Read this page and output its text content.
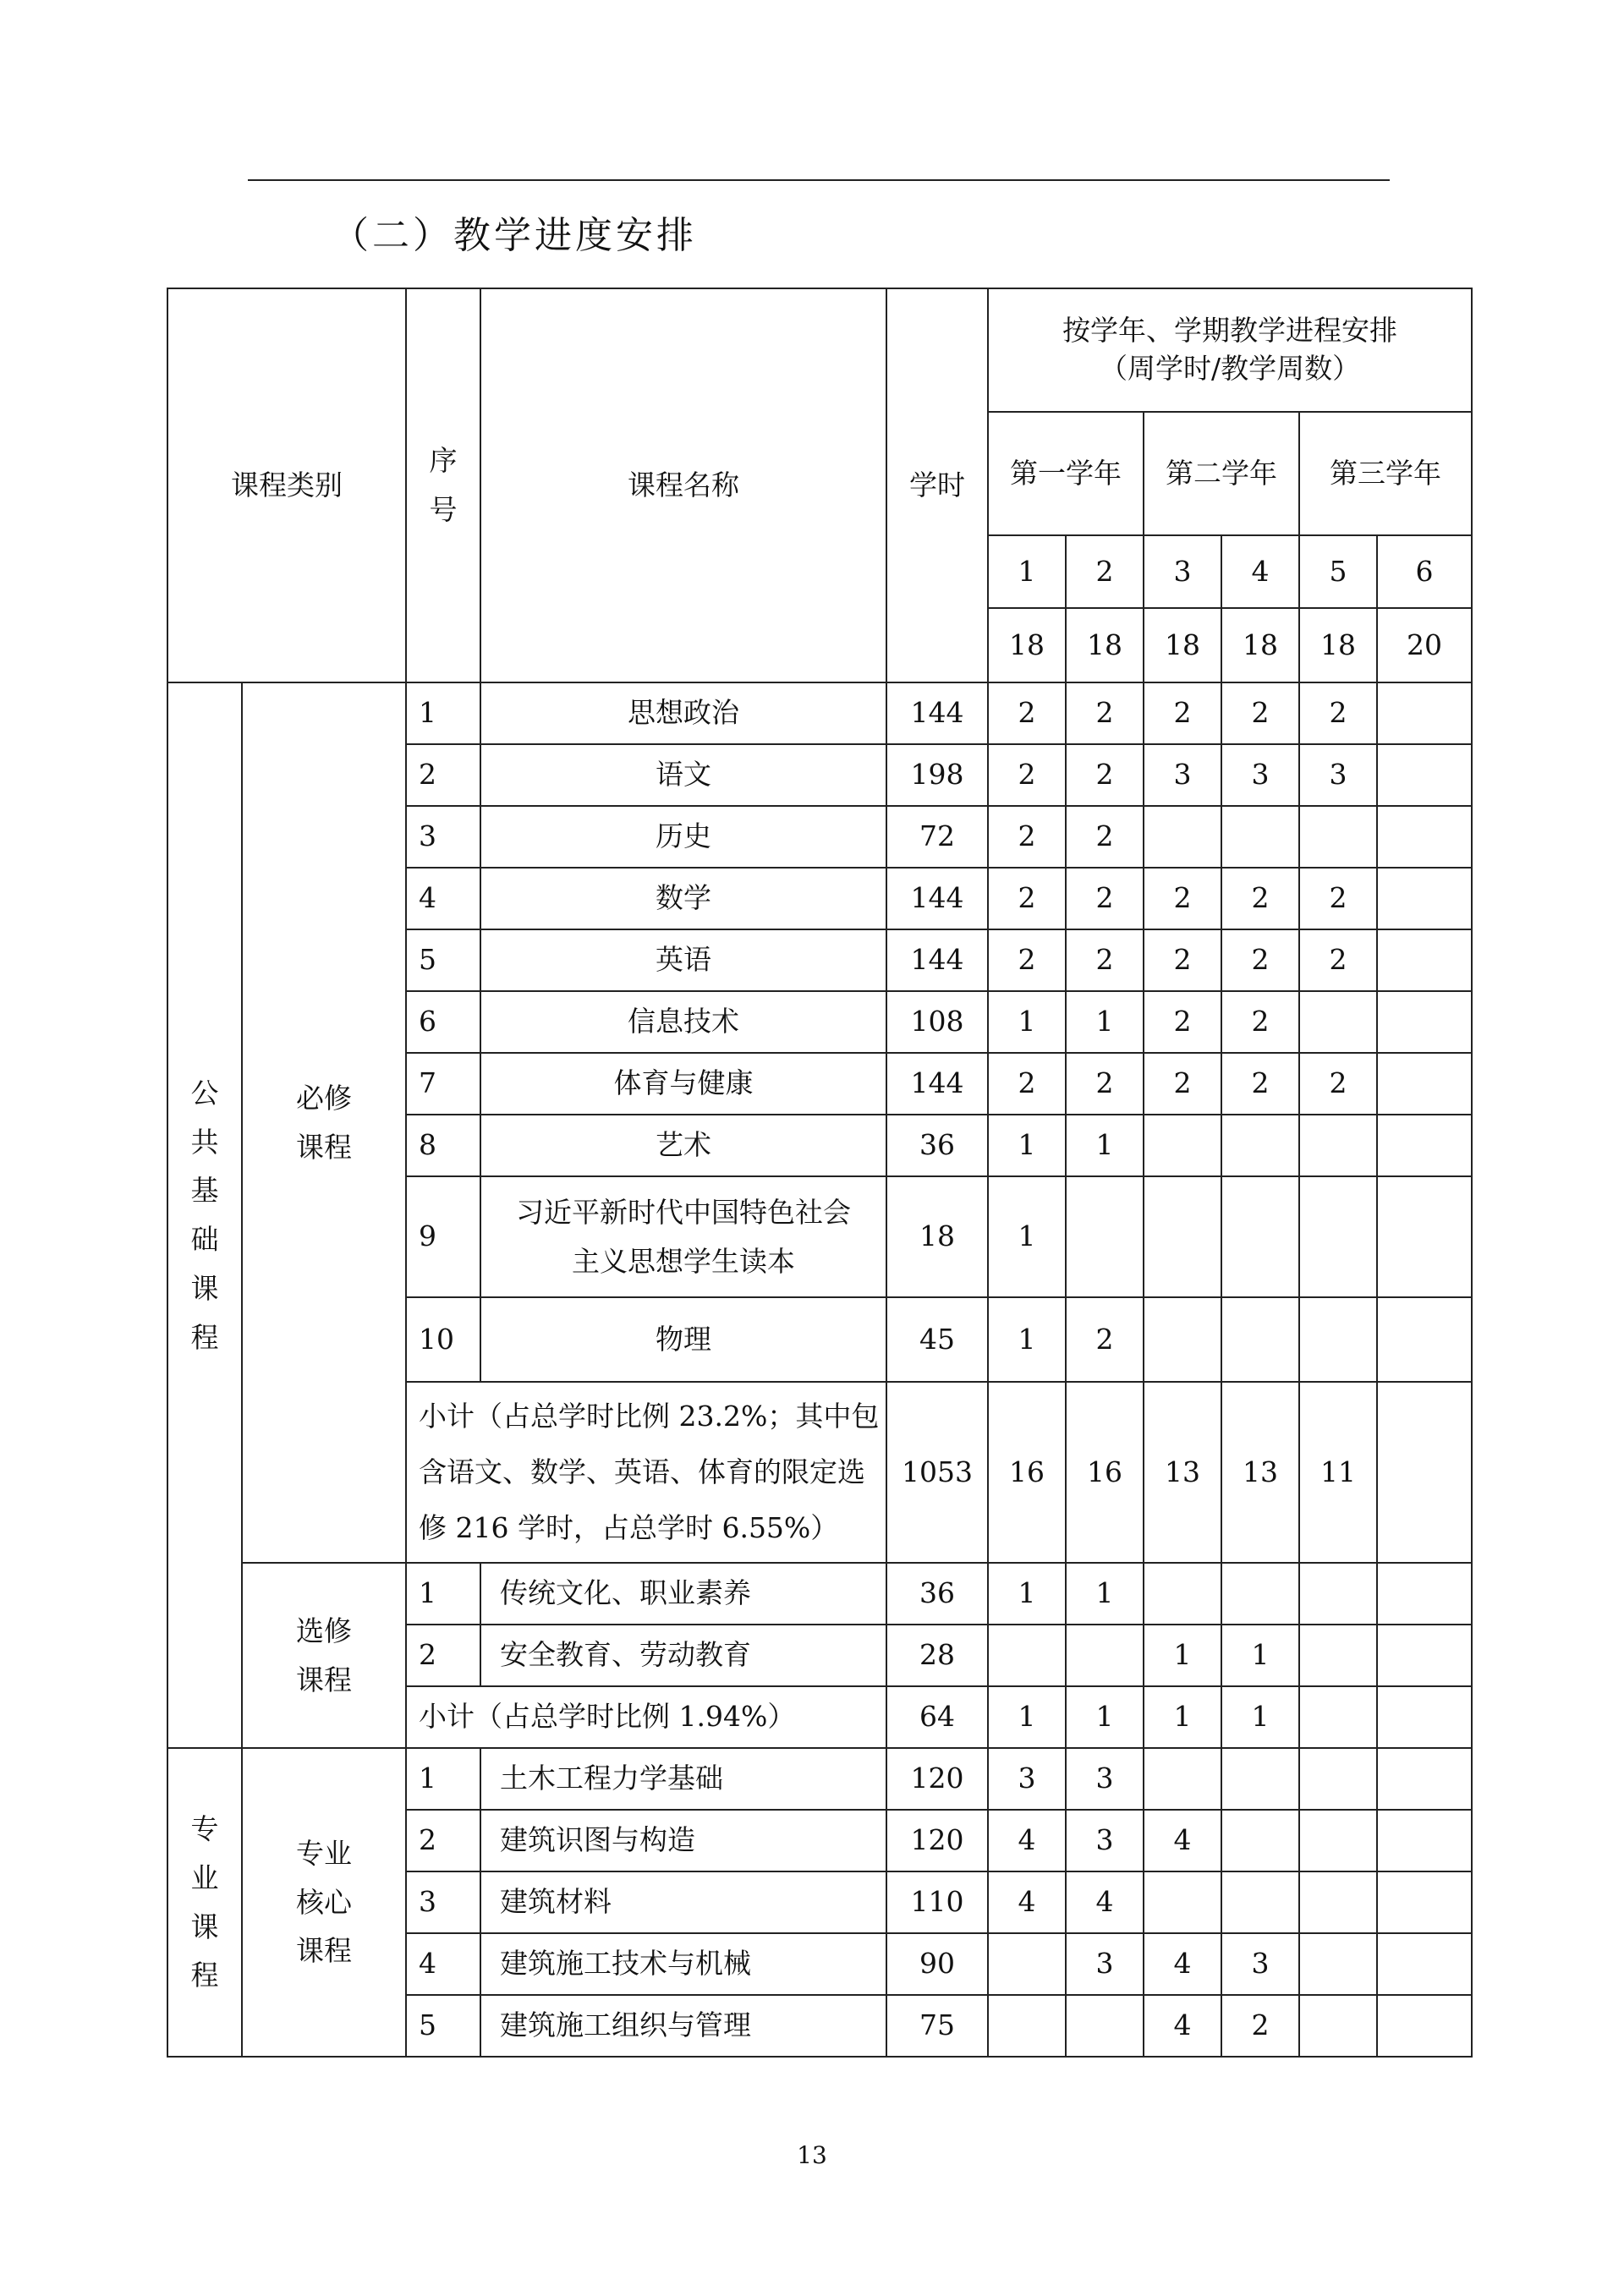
（二）教学进度安排
课程类别		序号	课程名称	学时	按学年、学期教学进程安排
（周学时/教学周数）					

					第一学年		第二学年		第三学年	
					1	2	3	4	5	6
					18	18	18	18	18	20
公共基础课程	必修课程	1	思想政治	144	2	2	2	2	2	
		2	语文	198	2	2	3	3	3	
		3	历史	72	2	2				
		4	数学	144	2	2	2	2	2	
		5	英语	144	2	2	2	2	2	
		6	信息技术	108	1	1	2	2		
		7	体育与健康	144	2	2	2	2	2	
		8	艺术	36	1	1				
		9	习近平新时代中国特色社会
主义思想学生读本	18	1					
		10	物理	45	1	2				

		小计（占总学时比例 23.2%；其中包
含语文、数学、英语、体育的限定选
修 216 学时，占总学时 6.55%）		1053	16	16	13	13	11	

	选修课程	1	传统文化、职业素养	36	1	1				
		2	安全教育、劳动教育	28			1	1		
		小计（占总学时比例 1.94%）		64	1	1	1	1		
专业课程	专业核心课程	1	土木工程力学基础	120	3	3				
		2	建筑识图与构造	120	4	3	4			
		3	建筑材料	110	4	4				
		4	建筑施工技术与机械	90		3	4	3		
		5	建筑施工组织与管理	75			4	2		
13
